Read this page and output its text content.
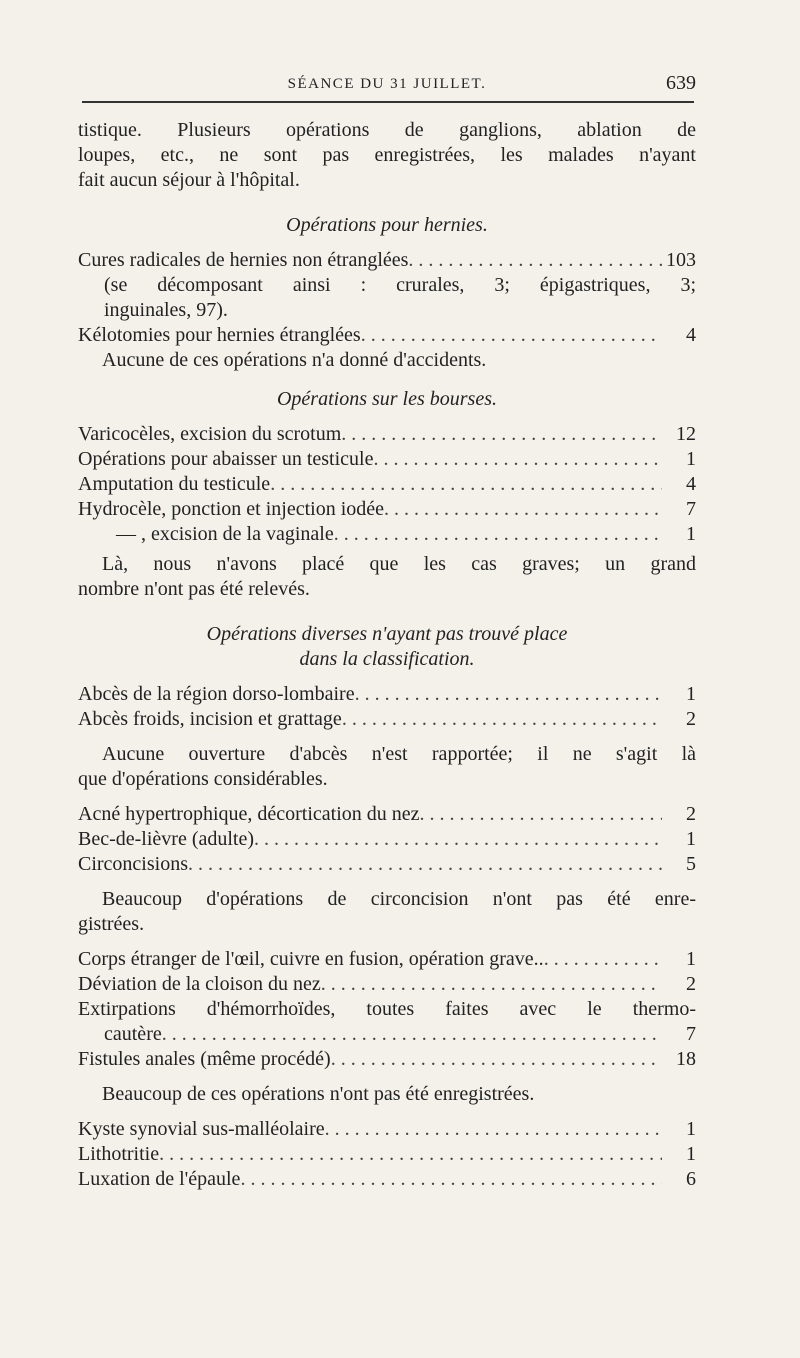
SÉANCE DU 31 JUILLET.	639
tistique. Plusieurs opérations de ganglions, ablation de
loupes, etc., ne sont pas enregistrées, les malades n'ayant
fait aucun séjour à l'hôpital.
Opérations pour hernies.
Cures radicales de hernies non étranglées . . .	103
(se décomposant ainsi : crurales, 3; épigastriques, 3;
inguinales, 97).
Kélotomies pour hernies étranglées . . .	4
Aucune de ces opérations n'a donné d'accidents.
Opérations sur les bourses.
Varicocèles, excision du scrotum . . .	12
Opérations pour abaisser un testicule . . .	1
Amputation du testicule . . .	4
Hydrocèle, ponction et injection iodée . . .	7
— , excision de la vaginale . . .	1
Là, nous n'avons placé que les cas graves; un grand
nombre n'ont pas été relevés.
Opérations diverses n'ayant pas trouvé place
dans la classification.
Abcès de la région dorso-lombaire . . .	1
Abcès froids, incision et grattage . . .	2
Aucune ouverture d'abcès n'est rapportée; il ne s'agit là
que d'opérations considérables.
Acné hypertrophique, décortication du nez . . .	2
Bec-de-lièvre (adulte) . . .	1
Circoncisions . . .	5
Beaucoup d'opérations de circoncision n'ont pas été enre-
gistrées.
Corps étranger de l'œil, cuivre en fusion, opération grave.. . . .	1
Déviation de la cloison du nez . . .	2
Extirpations d'hémorrhoïdes, toutes faites avec le thermo-
cautère . . .	7
Fistules anales (même procédé) . . .	18
Beaucoup de ces opérations n'ont pas été enregistrées.
Kyste synovial sus-malléolaire . . .	1
Lithotritie . . .	1
Luxation de l'épaule . . .	6
